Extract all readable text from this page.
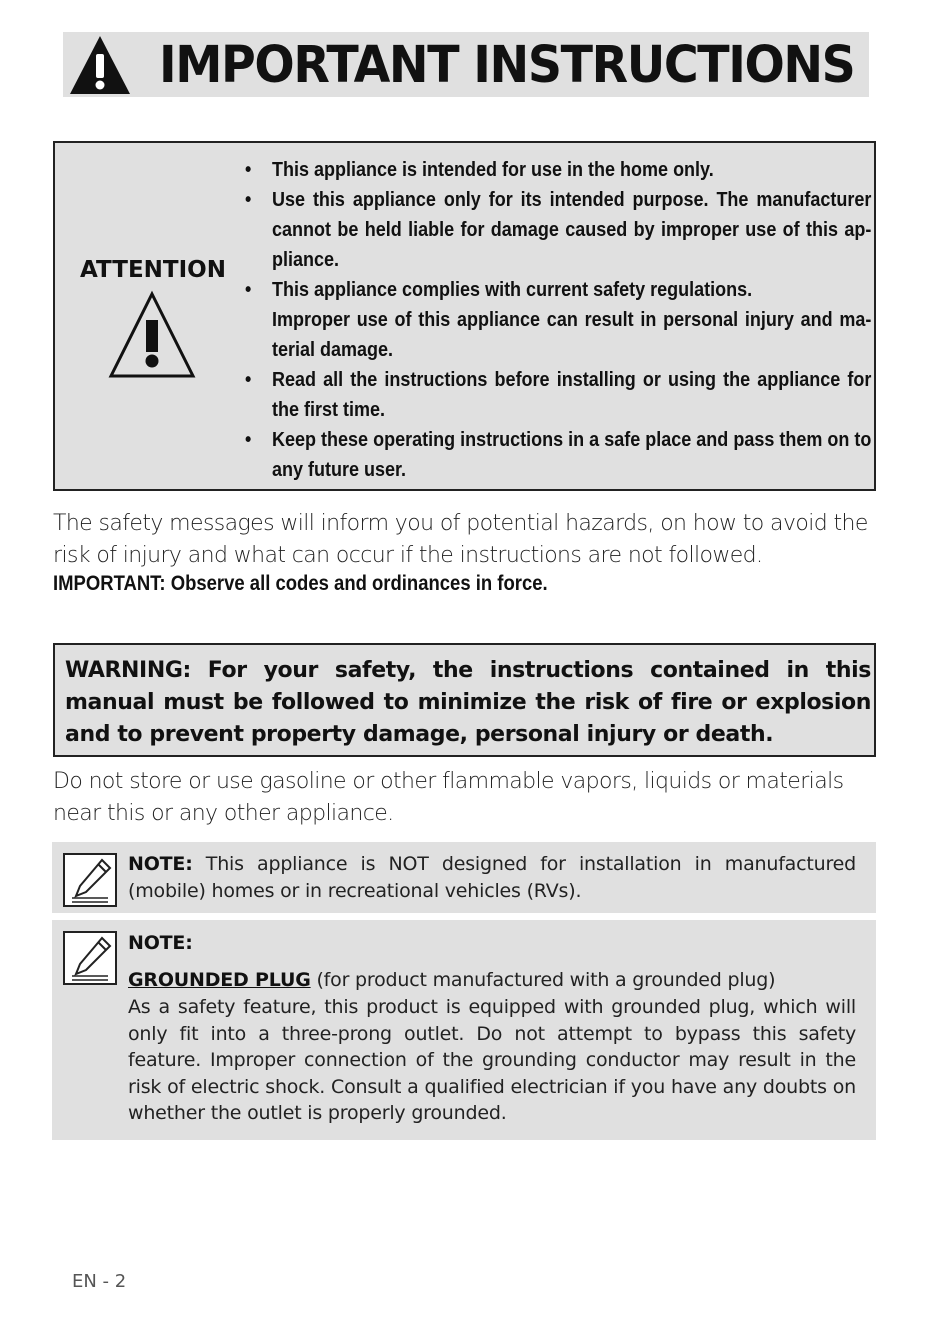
IMPORTANT INSTRUCTIONS
ATTENTION
• This appliance is intended for use in the home only.
• Use this appliance only for its intended purpose. The manufacturer cannot be held liable for damage caused by improper use of this ap-pliance.
• This appliance complies with current safety regulations.
Improper use of this appliance can result in personal injury and ma-terial damage.
• Read all the instructions before installing or using the appliance for the first time.
• Keep these operating instructions in a safe place and pass them on to any future user.
The safety messages will inform you of potential hazards, on how to avoid the risk of injury and what can occur if the instructions are not followed.
IMPORTANT: Observe all codes and ordinances in force.
WARNING: For your safety, the instructions contained in this manual must be followed to minimize the risk of fire or explosion and to prevent property damage, personal injury or death.
Do not store or use gasoline or other flammable vapors, liquids or materials near this or any other appliance.
NOTE: This appliance is NOT designed for installation in manufactured (mobile) homes or in recreational vehicles (RVs).
NOTE:
GROUNDED PLUG (for product manufactured with a grounded plug)
As a safety feature, this product is equipped with grounded plug, which will only fit into a three-prong outlet. Do not attempt to bypass this safety feature. Improper connection of the grounding conductor may result in the risk of electric shock. Consult a qualified electrician if you have any doubts on whether the outlet is properly grounded.
EN - 2
